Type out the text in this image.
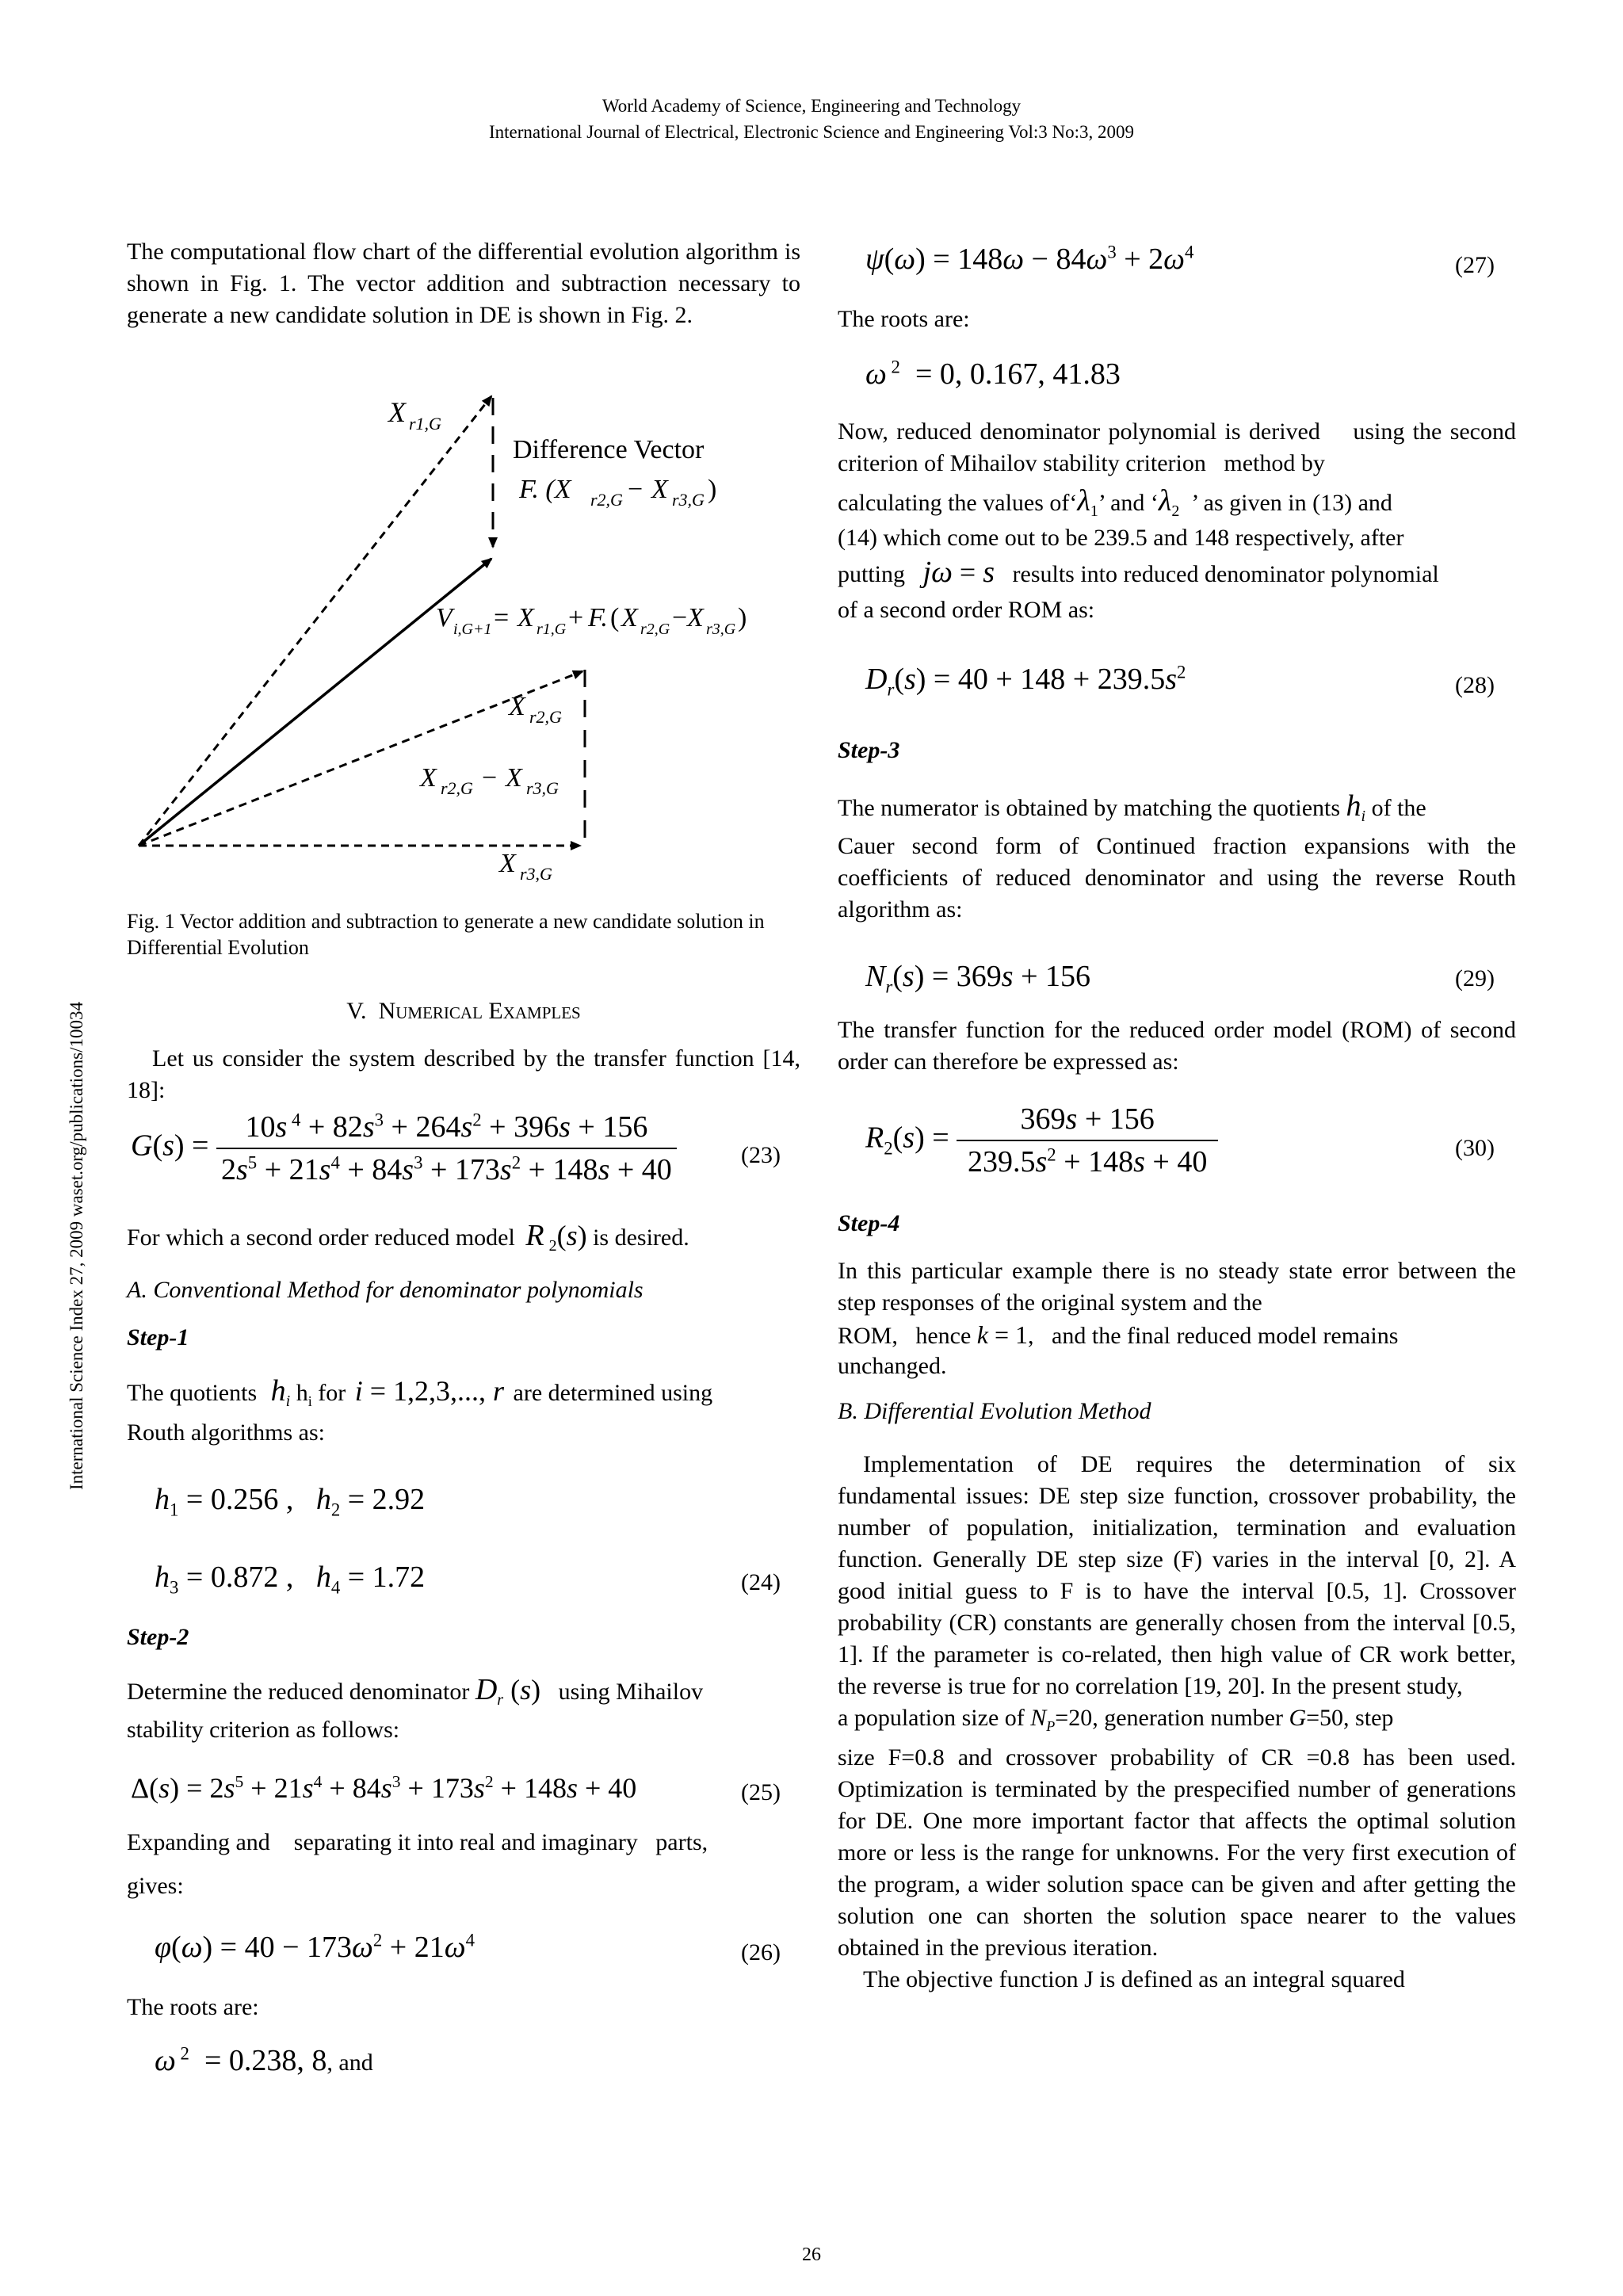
World Academy of Science, Engineering and Technology
International Journal of Electrical, Electronic Science and Engineering Vol:3 No:3, 2009
International Science Index 27, 2009 waset.org/publications/10034

The computational flow chart of the differential evolution algorithm is shown in Fig. 1. The vector addition and subtraction necessary to generate a new candidate solution in DE is shown in Fig. 2.

X r1,G
Difference Vector
F. (X r2,G − X r3,G )
V i,G+1 = X r1,G + F. ( X r2,G − X r3,G )
X r2,G
X r2,G − X r3,G
X r3,G
Fig. 1 Vector addition and subtraction to generate a new candidate solution in Differential Evolution
V. Numerical Examples
Let us consider the system described by the transfer function [14, 18]:
$G(s) = \frac{10s ^4 + 82s^3 + 264s^2 + 396s + 156}{2s^5 + 21s^4 + 84s^3 + 173s^2 + 148s + 40}$	(23)
For which a second order reduced model R $_2$(s) is desired.
A. Conventional Method for denominator polynomials
Step-1
The quotients $h_i$ $h_i$ for i = 1,2,3,..., r are determined using
Routh algorithms as:
$h_1 = 0.256$ ,   $h_2 = 2.92$
$h_3 = 0.872$ ,   $h_4 = 1.72$	(24)
Step-2
Determine the reduced denominator $D_r$ (s) using Mihailov
stability criterion as follows:
$\Delta(s) = 2s^5 + 21s^4 + 84s^3 + 173s^2 + 148s + 40$	(25)
Expanding and    separating it into real and imaginary   parts,
gives:
$\varphi(\omega) = 40 - 173\omega^2 + 21\omega^4$	(26)
The roots are:
ω $^2$  = 0.238, 8, and
$\psi(\omega) = 148\omega - 84\omega^3 + 2\omega^4$
(27)
The roots are:
ω $^2$  = 0, 0.167, 41.83
Now, reduced denominator polynomial is derived    using the second criterion of Mihailov stability criterion   method by
calculating the values $of‘\lambda_1$’ and ‘$\lambda_2$ ’ as given in (13) and
(14) which come out to be 239.5 and 148 respectively, after
putting jω = s results into reduced denominator polynomial
of a second order ROM as:
$D_r(s) = 40 + 148 + 239.5s^2$
(28)
Step-3
The numerator is obtained by matching the quotients $h_i$ of the
Cauer second form of Continued fraction expansions with the coefficients of reduced denominator and using the reverse Routh algorithm as:
$N_r(s) = 369s + 156$	(29)
The transfer function for the reduced order model (ROM) of second order can therefore be expressed as:
$R_2(s) = \frac{369s + 156}{239.5s^2 + 148s + 40}$	(30)
Step-4
In this particular example there is no steady state error between the step responses of the original system and the
ROM,   hence k = 1,   and the final reduced model remains
unchanged.
B. Differential Evolution Method

Implementation of DE requires the determination of six fundamental issues: DE step size function, crossover probability, the number of population, initialization, termination and evaluation function. Generally DE step size (F) varies in the interval [0, 2]. A good initial guess to F is to have the interval [0.5, 1]. Crossover probability (CR) constants are generally chosen from the interval [0.5, 1]. If the parameter is co-related, then high value of CR work better, the reverse is true for no correlation [19, 20]. In the present study,

a population size of $N_P=20$, generation number G=50, step

size F=0.8 and crossover probability of CR =0.8 has been used. Optimization is terminated by the prespecified number of generations for DE. One more important factor that affects the optimal solution more or less is the range for unknowns. For the very first execution of the program, a wider solution space can be given and after getting the solution one can shorten the solution space nearer to the values obtained in the previous iteration.

The objective function J is defined as an integral squared

26
